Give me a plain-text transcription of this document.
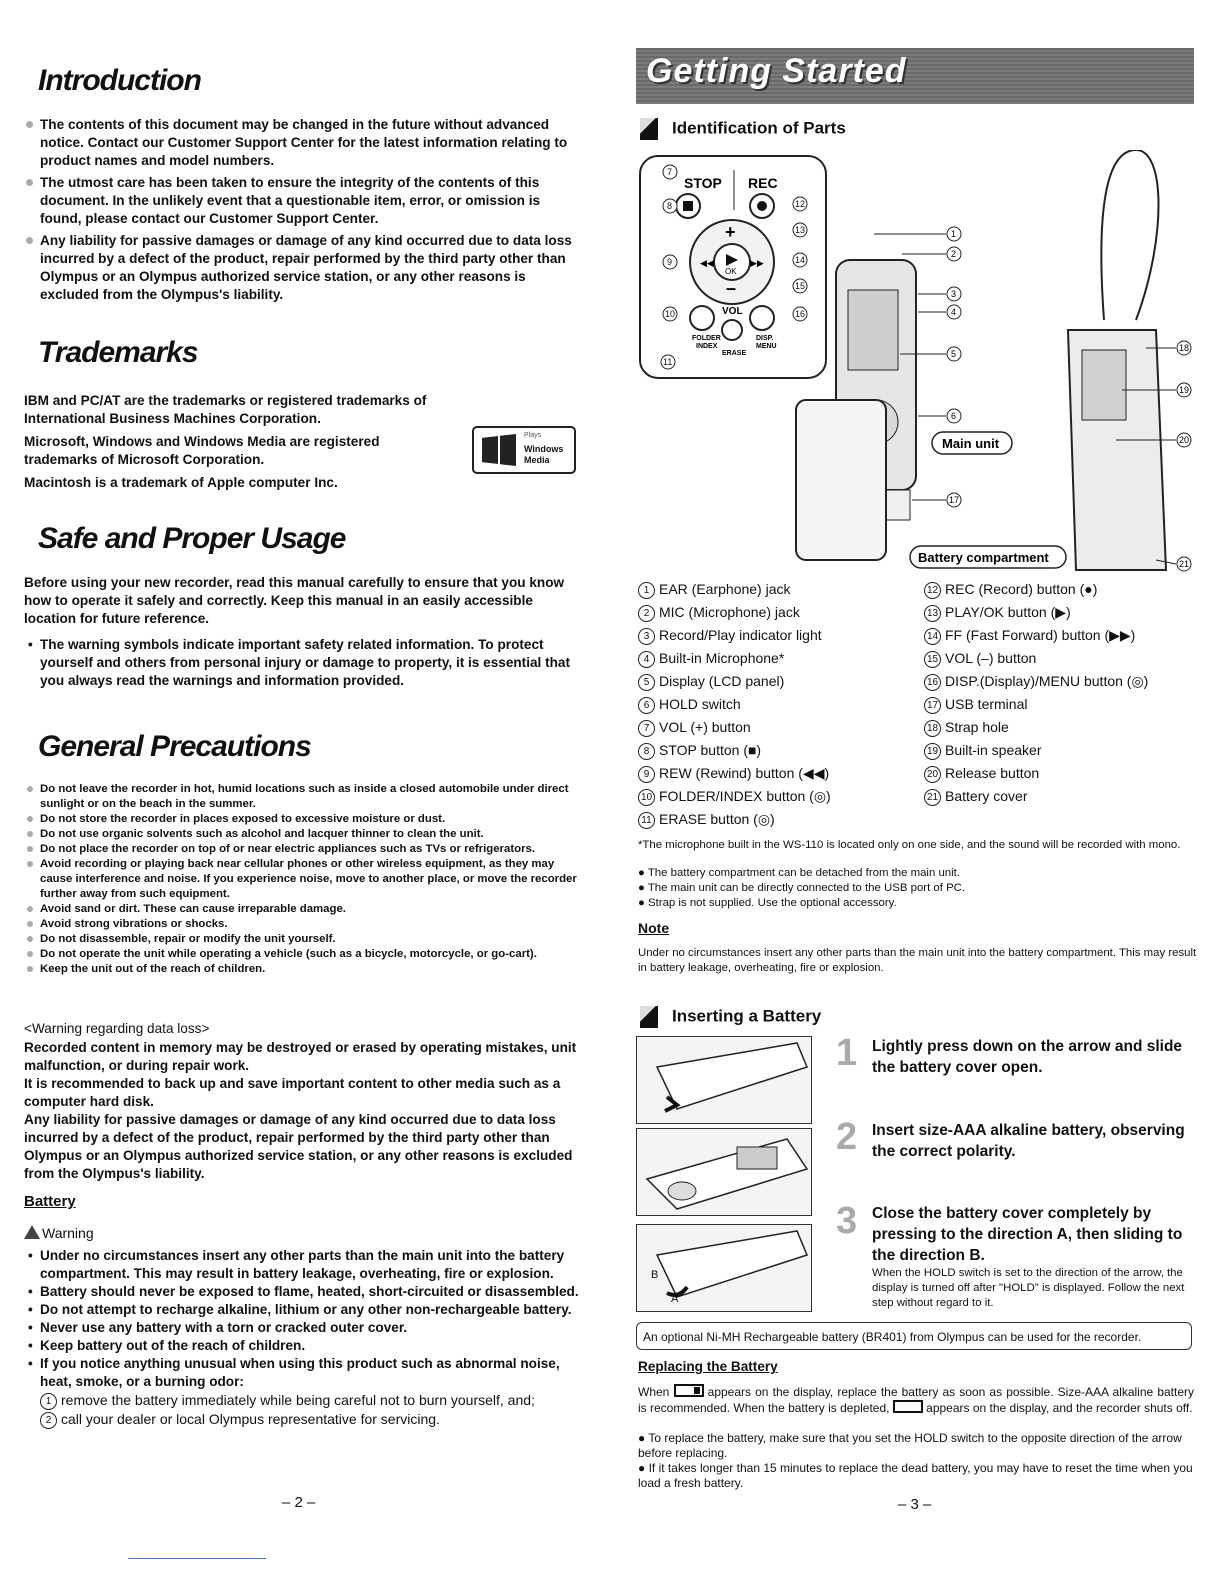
Introduction
The contents of this document may be changed in the future without advanced notice. Contact our Customer Support Center for the latest information relating to product names and model numbers.
The utmost care has been taken to ensure the integrity of the contents of this document. In the unlikely event that a questionable item, error, or omission is found, please contact our Customer Support Center.
Any liability for passive damages or damage of any kind occurred due to data loss incurred by a defect of the product, repair performed by the third party other than Olympus or an Olympus authorized service station, or any other reasons is excluded from the Olympus's liability.
Trademarks
IBM and PC/AT are the trademarks or registered trademarks of International Business Machines Corporation.
Microsoft, Windows and Windows Media are registered trademarks of Microsoft Corporation.
Macintosh is a trademark of Apple computer Inc.
Plays
Windows
Media
Safe and Proper Usage
Before using your new recorder, read this manual carefully to ensure that you know how to operate it safely and correctly. Keep this manual in an easily accessible location for future reference.
• The warning symbols indicate important safety related information. To protect yourself and others from personal injury or damage to property, it is essential that you always read the warnings and information provided.
General Precautions
Do not leave the recorder in hot, humid locations such as inside a closed automobile under direct sunlight or on the beach in the summer.
Do not store the recorder in places exposed to excessive moisture or dust.
Do not use organic solvents such as alcohol and lacquer thinner to clean the unit.
Do not place the recorder on top of or near electric appliances such as TVs or refrigerators.
Avoid recording or playing back near cellular phones or other wireless equipment, as they may cause interference and noise. If you experience noise, move to another place, or move the recorder further away from such equipment.
Avoid sand or dirt. These can cause irreparable damage.
Avoid strong vibrations or shocks.
Do not disassemble, repair or modify the unit yourself.
Do not operate the unit while operating a vehicle (such as a bicycle, motorcycle, or go-cart).
Keep the unit out of the reach of children.
<Warning regarding data loss>
Recorded content in memory may be destroyed or erased by operating mistakes, unit malfunction, or during repair work.
It is recommended to back up and save important content to other media such as a computer hard disk.
Any liability for passive damages or damage of any kind occurred due to data loss incurred by a defect of the product, repair performed by the third party other than Olympus or an Olympus authorized service station, or any other reasons is excluded from the Olympus's liability.
Battery
Warning
• Under no circumstances insert any other parts than the main unit into the battery compartment. This may result in battery leakage, overheating, fire or explosion.
• Battery should never be exposed to flame, heated, short-circuited or disassembled.
• Do not attempt to recharge alkaline, lithium or any other non-rechargeable battery.
• Never use any battery with a torn or cracked outer cover.
• Keep battery out of the reach of children.
• If you notice anything unusual when using this product such as abnormal noise, heat, smoke, or a burning odor:
1 remove the battery immediately while being careful not to burn yourself, and;
2 call your dealer or local Olympus representative for servicing.
– 2 –
Getting Started
Identification of Parts
STOP REC
OK
+
–
◀◀	▶▶
VOL
FOLDER
INDEX
DISP.
MENU
ERASE
7
8
9
10
11
12
13
14
15
16
1
2
3
4
5
6
17
18
19
20
21
Main unit
Battery compartment
1 EAR (Earphone) jack
2 MIC (Microphone) jack
3 Record/Play indicator light
4 Built-in Microphone*
5 Display (LCD panel)
6 HOLD switch
7 VOL (+) button
8 STOP button (■)
9 REW (Rewind) button (◀◀)
10 FOLDER/INDEX button (◎)
11 ERASE button (◎)
12 REC (Record) button (●)
13 PLAY/OK button (▶)
14 FF (Fast Forward) button (▶▶)
15 VOL (–) button
16 DISP.(Display)/MENU button (◎)
17 USB terminal
18 Strap hole
19 Built-in speaker
20 Release button
21 Battery cover
*The microphone built in the WS-110 is located only on one side, and the sound will be recorded with mono.
● The battery compartment can be detached from the main unit.
● The main unit can be directly connected to the USB port of PC.
● Strap is not supplied. Use the optional accessory.
Note
Under no circumstances insert any other parts than the main unit into the battery compartment. This may result in battery leakage, overheating, fire or explosion.
Inserting a Battery
B
A
1 Lightly press down on the arrow and slide the battery cover open.
2 Insert size-AAA alkaline battery, observing the correct polarity.
3 Close the battery cover completely by pressing to the direction A, then sliding to the direction B.
When the HOLD switch is set to the direction of the arrow, the display is turned off after "HOLD" is displayed. Follow the next step without regard to it.
An optional Ni-MH Rechargeable battery (BR401) from Olympus can be used for the recorder.
Replacing the Battery
When	appears on the display, replace the battery as soon as possible. Size-AAA alkaline battery is recommended. When the battery is depleted,	appears on the display, and the recorder shuts off.
● To replace the battery, make sure that you set the HOLD switch to the opposite direction of the arrow before replacing.
● If it takes longer than 15 minutes to replace the dead battery, you may have to reset the time when you load a fresh battery.
– 3 –
